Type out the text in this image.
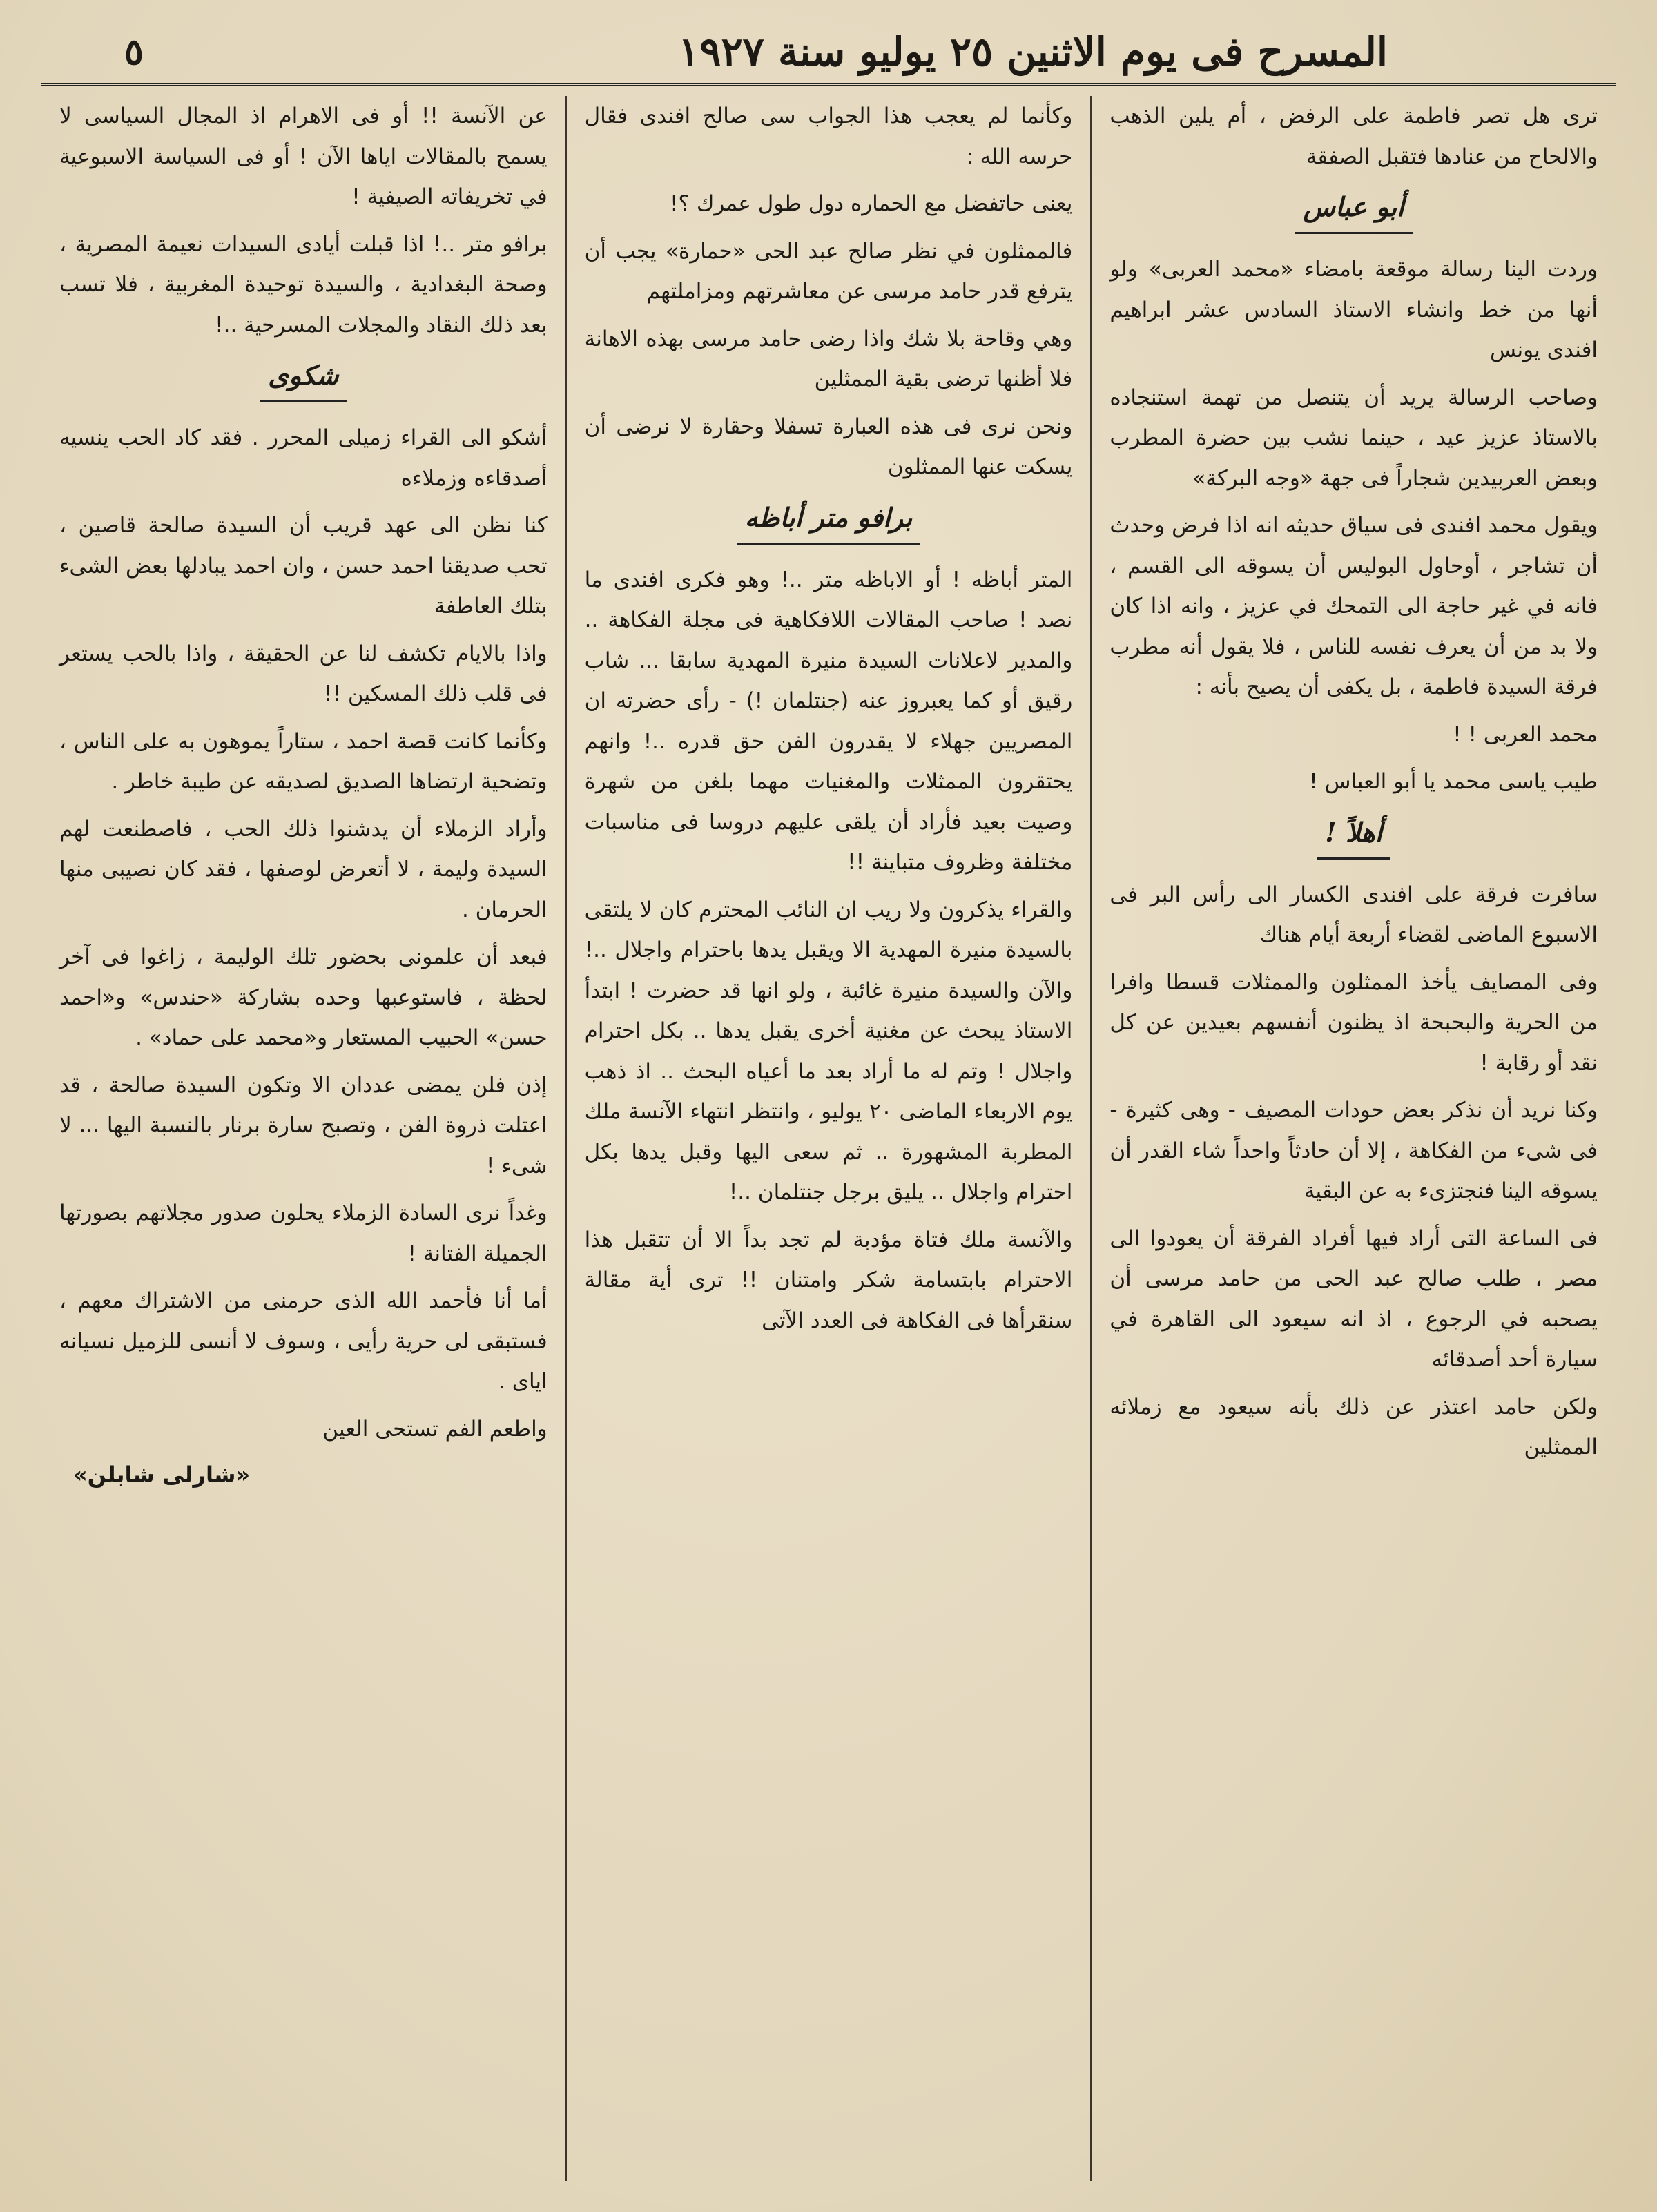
المسرح فى يوم الاثنين ٢٥ يوليو سنة ١٩٢٧
٥

ترى هل تصر فاطمة على الرفض ، أم يلين الذهب والالحاح من عنادها فتقبل الصفقة

أبو عباس

وردت الينا رسالة موقعة بامضاء «محمد العربى» ولو أنها من خط وانشاء الاستاذ السادس عشر ابراهيم افندى يونس

وصاحب الرسالة يريد أن يتنصل من تهمة استنجاده بالاستاذ عزيز عيد ، حينما نشب بين حضرة المطرب وبعض العربيدين شجاراً فى جهة «وجه البركة»

ويقول محمد افندى فى سياق حديثه انه اذا فرض وحدث أن تشاجر ، أوحاول البوليس أن يسوقه الى القسم ، فانه في غير حاجة الى التمحك في عزيز ، وانه اذا كان ولا بد من أن يعرف نفسه للناس ، فلا يقول أنه مطرب فرقة السيدة فاطمة ، بل يكفى أن يصيح بأنه :

محمد العربى ! !

طيب ياسى محمد يا أبو العباس !

أهلاً !

سافرت فرقة على افندى الكسار الى رأس البر فى الاسبوع الماضى لقضاء أربعة أيام هناك

وفى المصايف يأخذ الممثلون والممثلات قسطا وافرا من الحرية والبحبحة اذ يظنون أنفسهم بعيدين عن كل نقد أو رقابة !

وكنا نريد أن نذكر بعض حودات المصيف - وهى كثيرة - فى شىء من الفكاهة ، إلا أن حادثاً واحداً شاء القدر أن يسوقه الينا فنجتزىء به عن البقية

فى الساعة التى أراد فيها أفراد الفرقة أن يعودوا الى مصر ، طلب صالح عبد الحى من حامد مرسى أن يصحبه في الرجوع ، اذ انه سيعود الى القاهرة في سيارة أحد أصدقائه

ولكن حامد اعتذر عن ذلك بأنه سيعود مع زملائه الممثلين

وكأنما لم يعجب هذا الجواب سى صالح افندى فقال حرسه الله :

يعنى حاتفضل مع الحماره دول طول عمرك ؟!

فالممثلون في نظر صالح عبد الحى «حمارة» يجب أن يترفع قدر حامد مرسى عن معاشرتهم ومزاملتهم

وهي وقاحة بلا شك واذا رضى حامد مرسى بهذه الاهانة فلا أظنها ترضى بقية الممثلين

ونحن نرى فى هذه العبارة تسفلا وحقارة لا نرضى أن يسكت عنها الممثلون

برافو متر أباظه

المتر أباظه ! أو الاباظه متر ..! وهو فكرى افندى ما نصد ! صاحب المقالات اللافكاهية فى مجلة الفكاهة .. والمدير لاعلانات السيدة منيرة المهدية سابقا ... شاب رقيق أو كما يعبروز عنه (جنتلمان !) - رأى حضرته ان المصريين جهلاء لا يقدرون الفن حق قدره ..! وانهم يحتقرون الممثلات والمغنيات مهما بلغن من شهرة وصيت بعيد فأراد أن يلقى عليهم دروسا فى مناسبات مختلفة وظروف متباينة !!

والقراء يذكرون ولا ريب ان النائب المحترم كان لا يلتقى بالسيدة منيرة المهدية الا ويقبل يدها باحترام واجلال ..! والآن والسيدة منيرة غائبة ، ولو انها قد حضرت ! ابتدأ الاستاذ يبحث عن مغنية أخرى يقبل يدها .. بكل احترام واجلال ! وتم له ما أراد بعد ما أعياه البحث .. اذ ذهب يوم الاربعاء الماضى ٢٠ يوليو ، وانتظر انتهاء الآنسة ملك المطربة المشهورة .. ثم سعى اليها وقبل يدها بكل احترام واجلال .. يليق برجل جنتلمان ..!

والآنسة ملك فتاة مؤدبة لم تجد بداً الا أن تتقبل هذا الاحترام بابتسامة شكر وامتنان !! ترى أية مقالة سنقرأها فى الفكاهة فى العدد الآتى

عن الآنسة !! أو فى الاهرام اذ المجال السياسى لا يسمح بالمقالات اياها الآن ! أو فى السياسة الاسبوعية في تخريفاته الصيفية !

برافو متر ..! اذا قبلت أيادى السيدات نعيمة المصرية ، وصحة البغدادية ، والسيدة توحيدة المغربية ، فلا تسب بعد ذلك النقاد والمجلات المسرحية ..!

شكوى

أشكو الى القراء زميلى المحرر . فقد كاد الحب ينسيه أصدقاءه وزملاءه

كنا نظن الى عهد قريب أن السيدة صالحة قاصين ، تحب صديقنا احمد حسن ، وان احمد يبادلها بعض الشىء بتلك العاطفة

واذا بالايام تكشف لنا عن الحقيقة ، واذا بالحب يستعر فى قلب ذلك المسكين !!

وكأنما كانت قصة احمد ، ستاراً يموهون به على الناس ، وتضحية ارتضاها الصديق لصديقه عن طيبة خاطر .

وأراد الزملاء أن يدشنوا ذلك الحب ، فاصطنعت لهم السيدة وليمة ، لا أتعرض لوصفها ، فقد كان نصيبى منها الحرمان .

فبعد أن علمونى بحضور تلك الوليمة ، زاغوا فى آخر لحظة ، فاستوعبها وحده بشاركة «حندس» و«احمد حسن» الحبيب المستعار و«محمد على حماد» .

إذن فلن يمضى عددان الا وتكون السيدة صالحة ، قد اعتلت ذروة الفن ، وتصبح سارة برنار بالنسبة اليها ... لا شىء !

وغداً نرى السادة الزملاء يحلون صدور مجلاتهم بصورتها الجميلة الفتانة !

أما أنا فأحمد الله الذى حرمنى من الاشتراك معهم ، فستبقى لى حرية رأيى ، وسوف لا أنسى للزميل نسيانه اياى .

واطعم الفم تستحى العين

«شارلى شابلن»
